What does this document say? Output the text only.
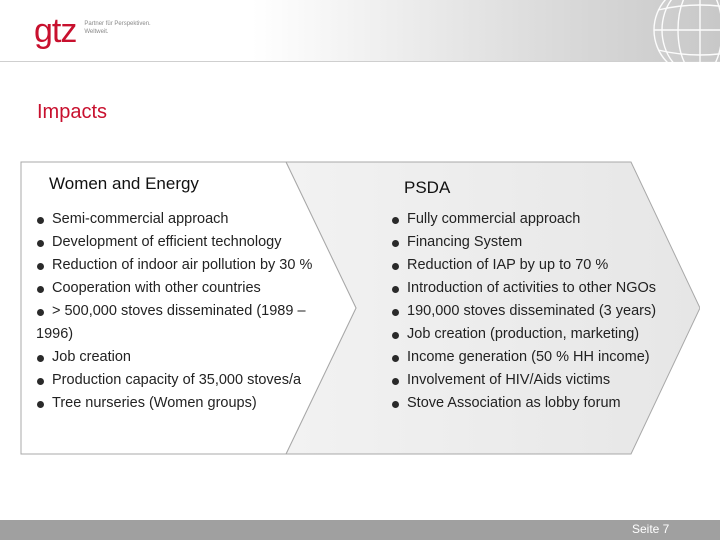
gtz Partner für Perspektiven.
Weltweit.
Impacts
Women and Energy	PSDA
Semi-commercial approach
Development of efficient technology
Reduction of indoor air pollution by 30 %
Cooperation with other countries
> 500,000 stoves disseminated (1989 –
1996)
Job creation
Production capacity of 35,000 stoves/a
Tree nurseries (Women groups)
Fully commercial approach
Financing System
Reduction of IAP by up to 70 %
Introduction of activities to other NGOs
190,000 stoves disseminated (3 years)
Job creation (production, marketing)
Income generation (50 % HH income)
Involvement of HIV/Aids victims
Stove Association as lobby forum
Seite 7
